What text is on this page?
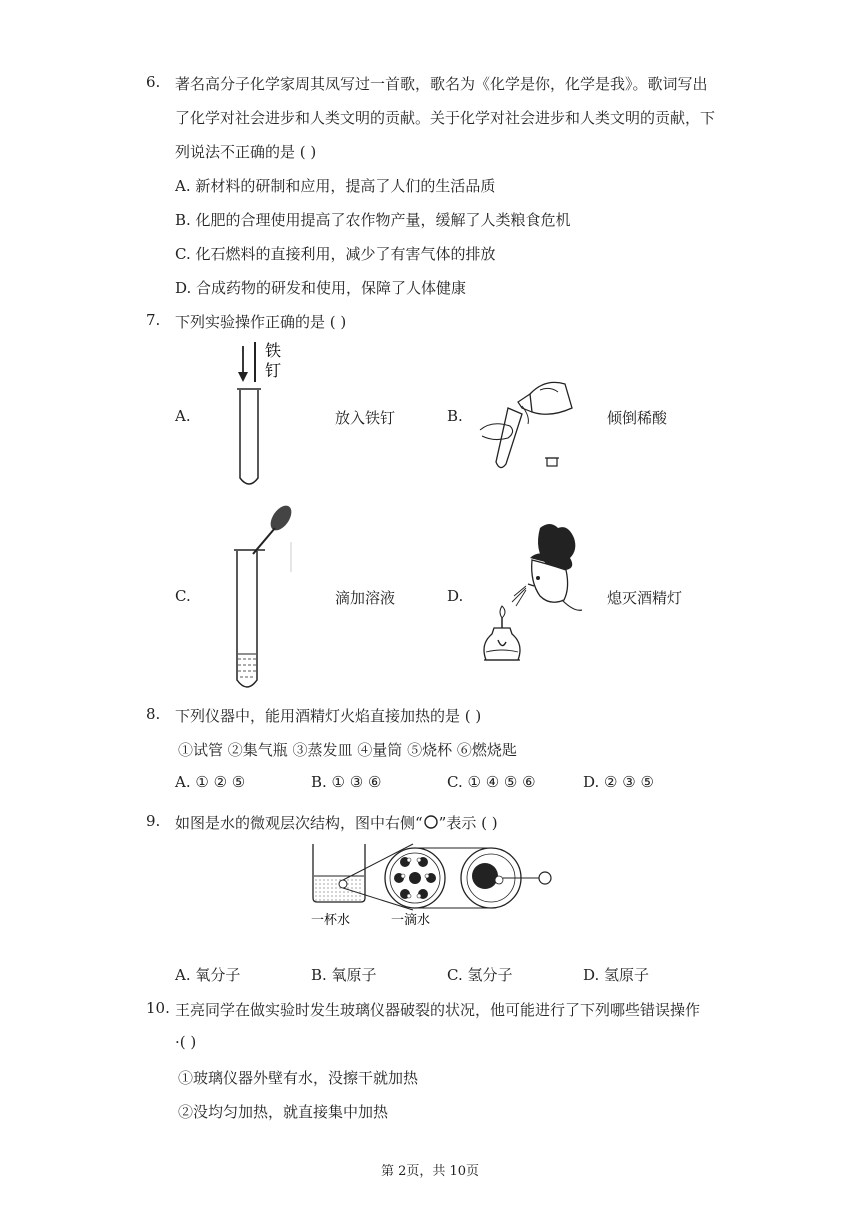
6. 著名高分子化学家周其凤写过一首歌，歌名为《化学是你，化学是我》。歌词写出
了化学对社会进步和人类文明的贡献。关于化学对社会进步和人类文明的贡献，下
列说法不正确的是 ( )
A. 新材料的研制和应用，提高了人们的生活品质
B. 化肥的合理使用提高了农作物产量，缓解了人类粮食危机
C. 化石燃料的直接利用，减少了有害气体的排放
D. 合成药物的研发和使用，保障了人体健康
7. 下列实验操作正确的是 ( )
A.
铁
钉
放入铁钉	B.	倾倒稀酸
C.	滴加溶液	D.	熄灭酒精灯
8. 下列仪器中，能用酒精灯火焰直接加热的是 ( )
①试管 ②集气瓶 ③蒸发皿 ④量筒 ⑤烧杯 ⑥燃烧匙
A. ① ② ⑤	B. ① ③ ⑥	C. ① ④ ⑤ ⑥	D. ② ③ ⑤
9. 如图是水的微观层次结构，图中右侧“ ”表示 ( )
一杯水	一滴水
A. 氧分子	B. 氧原子	C. 氢分子	D. 氢原子
10. 王亮同学在做实验时发生玻璃仪器破裂的状况，他可能进行了下列哪些错误操作
·( )
①玻璃仪器外壁有水，没擦干就加热
②没均匀加热，就直接集中加热
第 2页，共 10页
